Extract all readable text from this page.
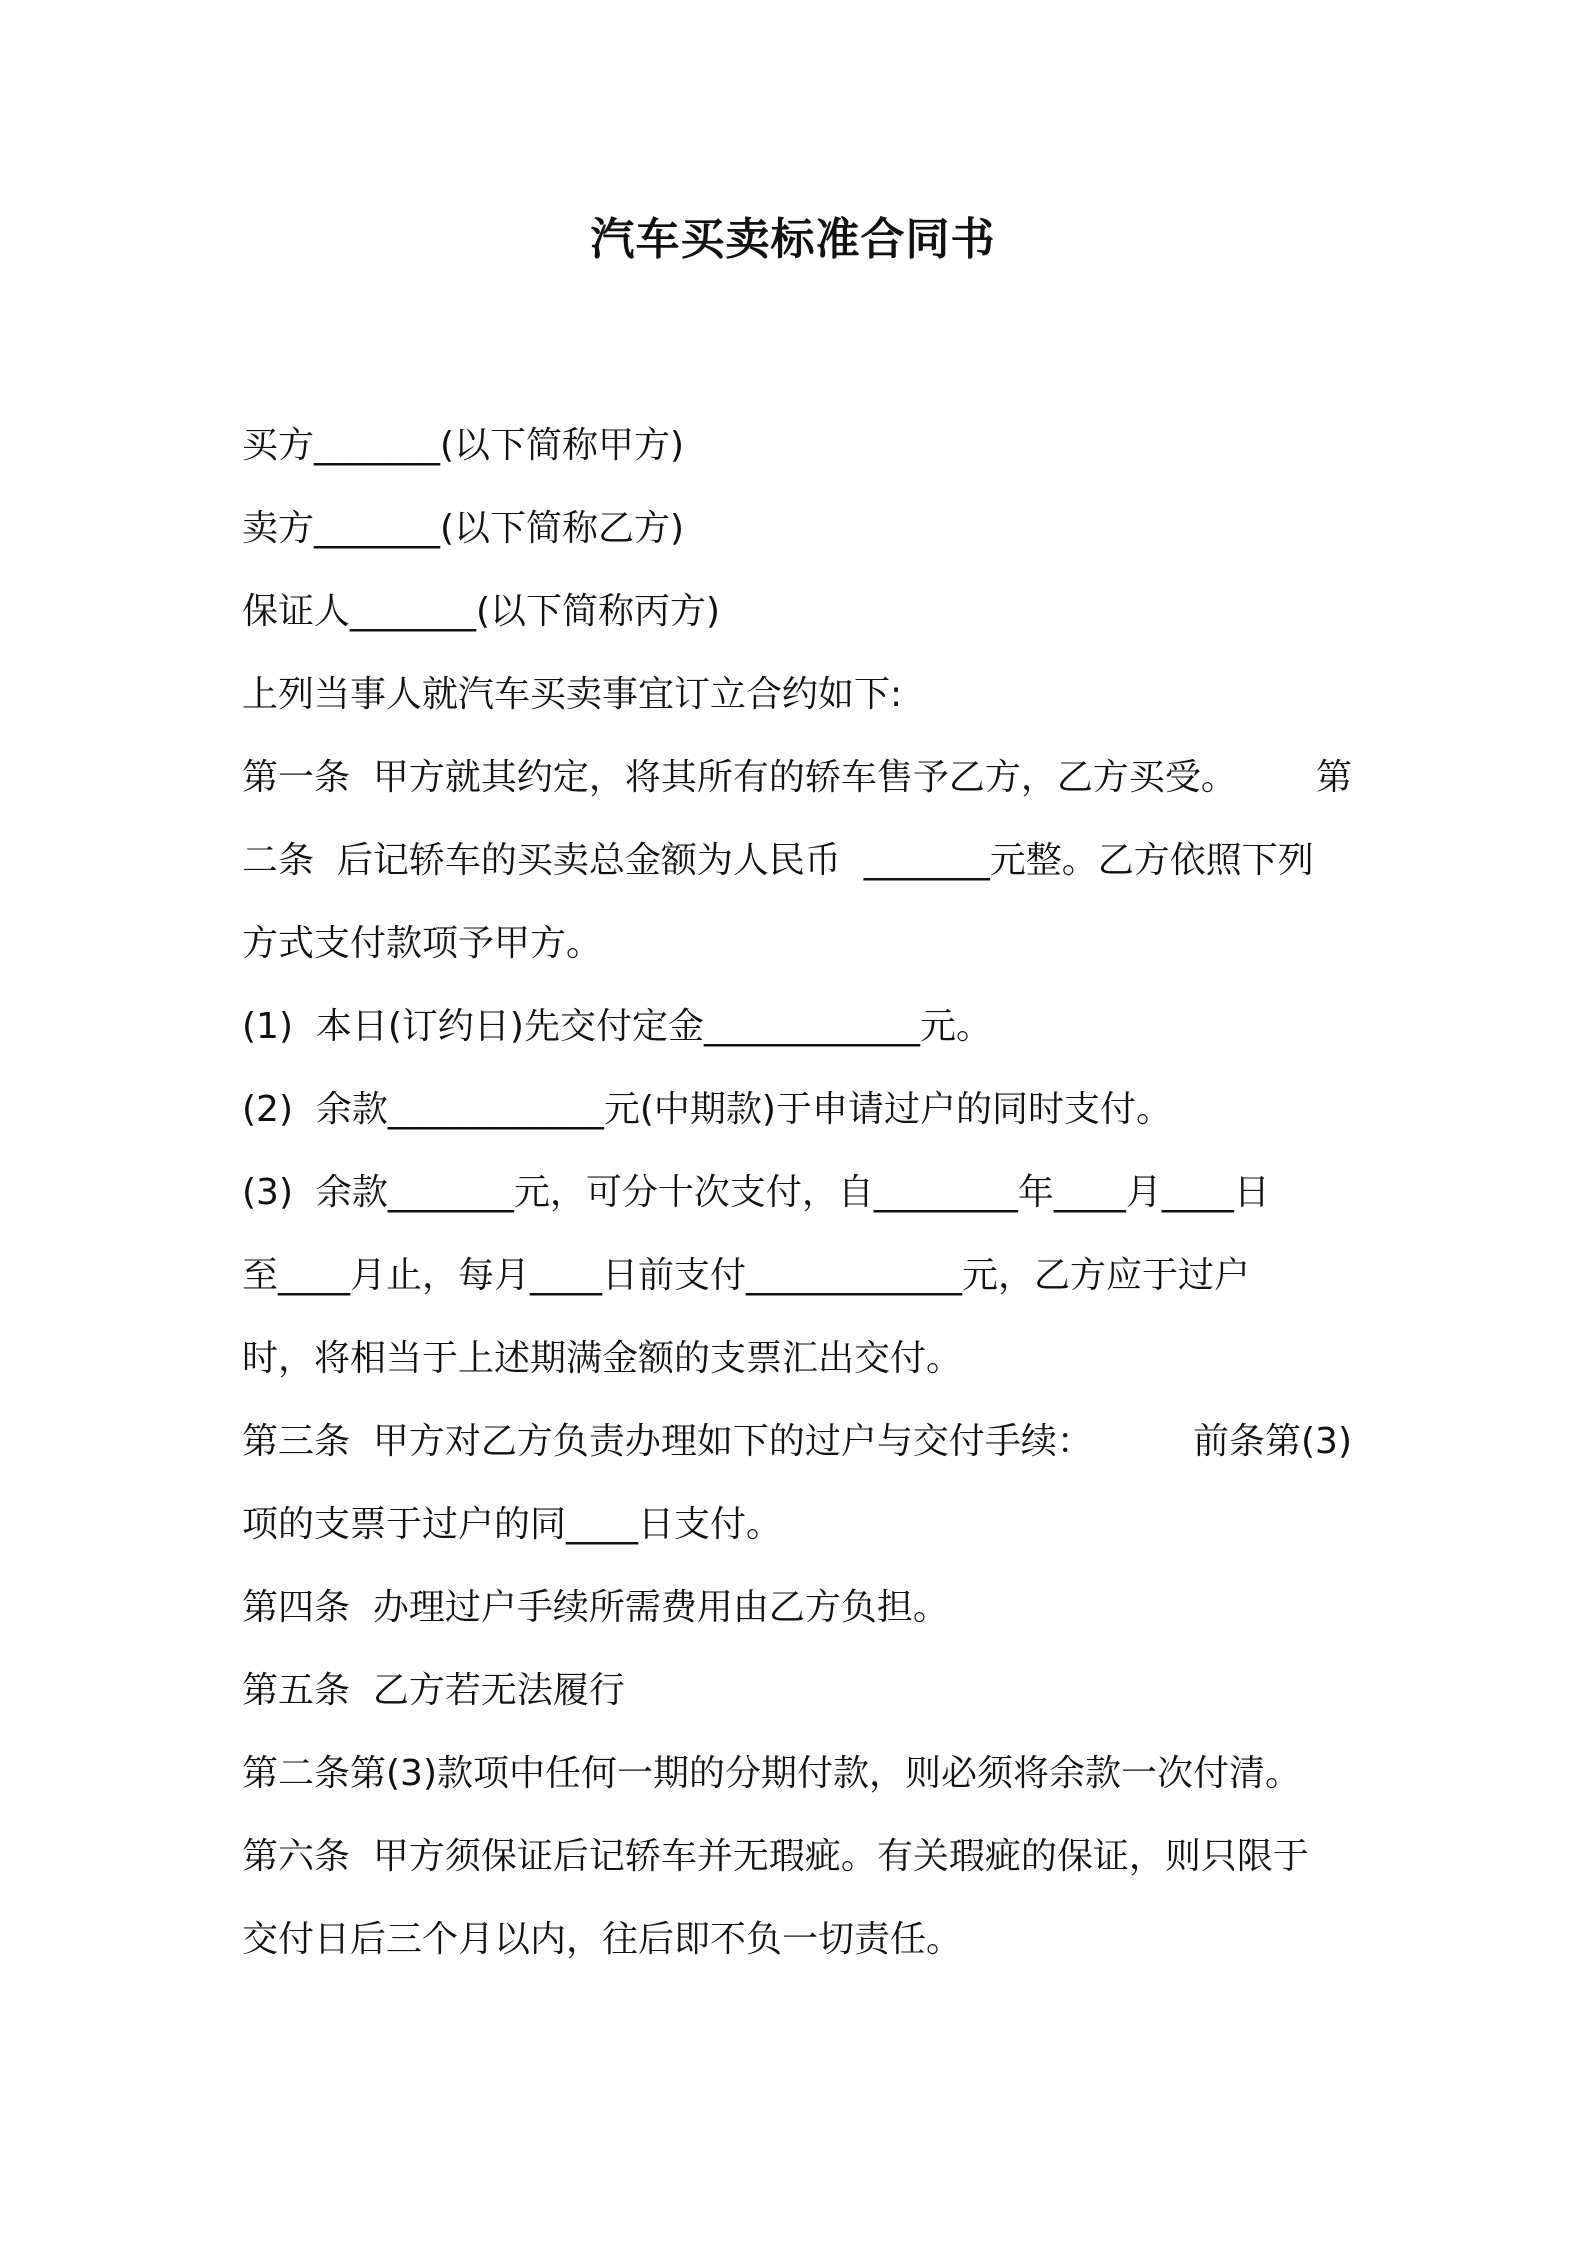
汽车买卖标准合同书
买方_______(以下简称甲方)
卖方_______(以下简称乙方)
保证人_______(以下简称丙方)
上列当事人就汽车买卖事宜订立合约如下:
第一条  甲方就其约定，将其所有的轿车售予乙方，乙方买受。 第
二条  后记轿车的买卖总金额为人民币  _______元整。乙方依照下列
方式支付款项予甲方。
(1)  本日(订约日)先交付定金____________元。
(2)  余款____________元(中期款)于申请过户的同时支付。
(3)  余款_______元，可分十次支付，自________年____月____日
至____月止，每月____日前支付____________元，乙方应于过户
时，将相当于上述期满金额的支票汇出交付。
第三条  甲方对乙方负责办理如下的过户与交付手续：	前条第(3)
项的支票于过户的同____日支付。
第四条  办理过户手续所需费用由乙方负担。
第五条  乙方若无法履行
第二条第(3)款项中任何一期的分期付款，则必须将余款一次付清。
第六条  甲方须保证后记轿车并无瑕疵。有关瑕疵的保证，则只限于
交付日后三个月以内，往后即不负一切责任。
